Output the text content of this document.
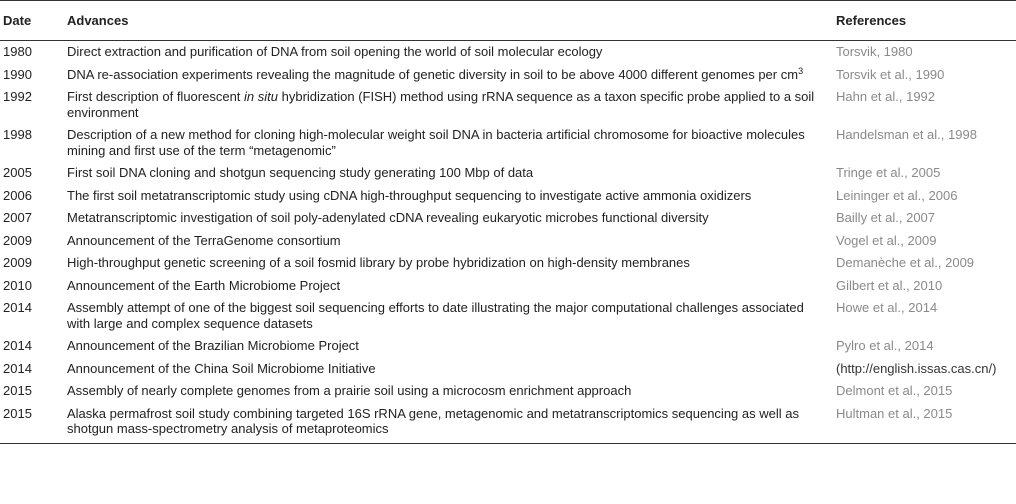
Date	Advances	References
1980	Direct extraction and purification of DNA from soil opening the world of soil molecular ecology	Torsvik, 1980
1990	DNA re-association experiments revealing the magnitude of genetic diversity in soil to be above 4000 different genomes per $cm^3$	Torsvik et al., 1990
1992	First description of fluorescent in situ hybridization (FISH) method using rRNA sequence as a taxon specific probe applied to a soil environment	Hahn et al., 1992
1998	Description of a new method for cloning high-molecular weight soil DNA in bacteria artificial chromosome for bioactive molecules mining and first use of the term “metagenomic”	Handelsman et al., 1998
2005	First soil DNA cloning and shotgun sequencing study generating 100 Mbp of data	Tringe et al., 2005
2006	The first soil metatranscriptomic study using cDNA high-throughput sequencing to investigate active ammonia oxidizers	Leininger et al., 2006
2007	Metatranscriptomic investigation of soil poly-adenylated cDNA revealing eukaryotic microbes functional diversity	Bailly et al., 2007
2009	Announcement of the TerraGenome consortium	Vogel et al., 2009
2009	High-throughput genetic screening of a soil fosmid library by probe hybridization on high-density membranes	Demanèche et al., 2009
2010	Announcement of the Earth Microbiome Project	Gilbert et al., 2010
2014	Assembly attempt of one of the biggest soil sequencing efforts to date illustrating the major computational challenges associated with large and complex sequence datasets	Howe et al., 2014
2014	Announcement of the Brazilian Microbiome Project	Pylro et al., 2014
2014	Announcement of the China Soil Microbiome Initiative	(http://english.issas.cas.cn/)
2015	Assembly of nearly complete genomes from a prairie soil using a microcosm enrichment approach	Delmont et al., 2015
2015	Alaska permafrost soil study combining targeted 16S rRNA gene, metagenomic and metatranscriptomics sequencing as well as shotgun mass-spectrometry analysis of metaproteomics	Hultman et al., 2015
